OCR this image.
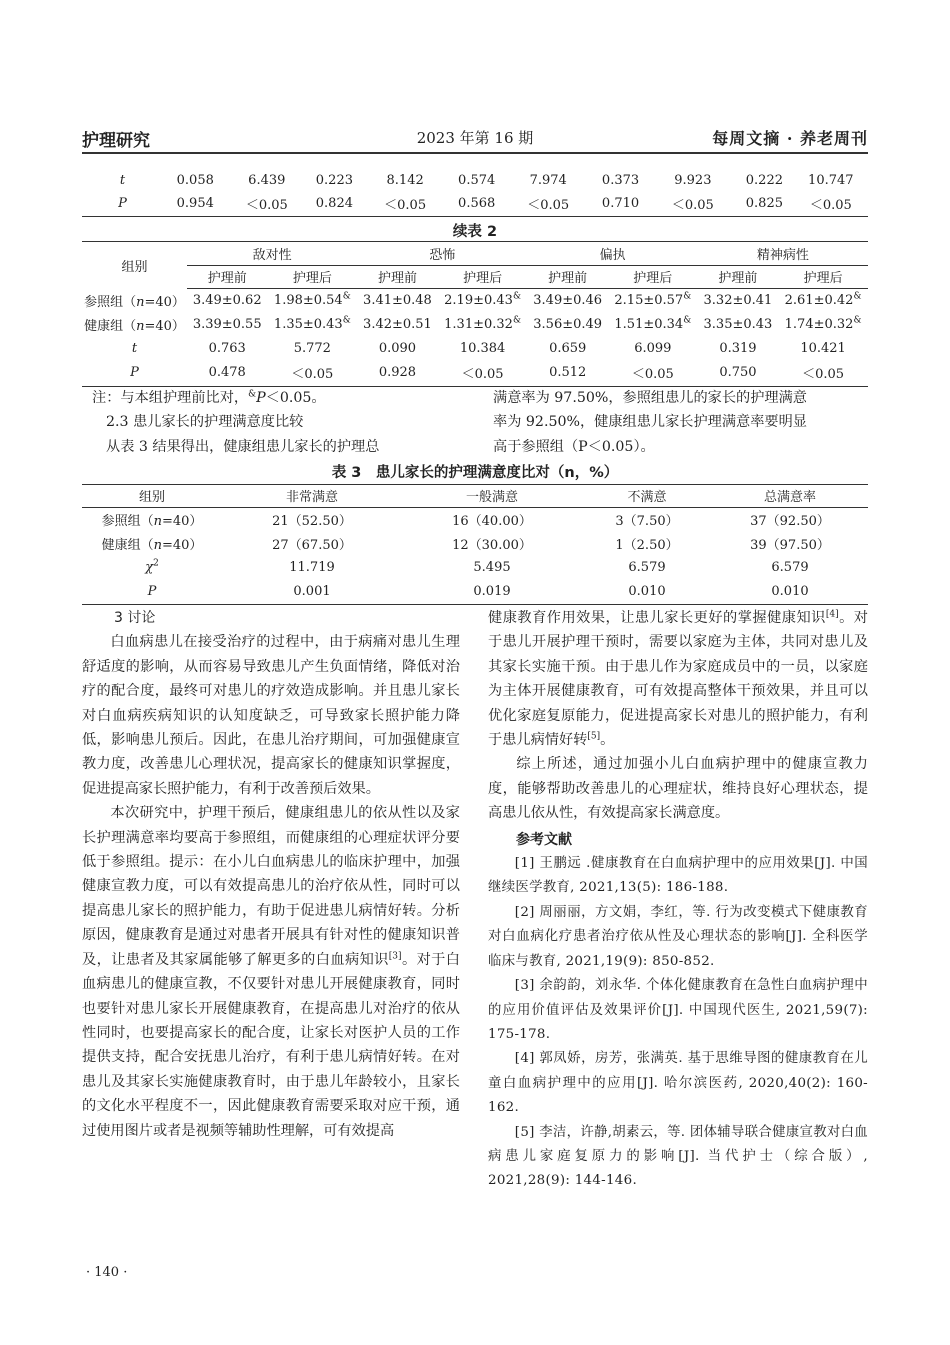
护理研究	2023 年第 16 期	每周文摘 · 养老周刊
t	0.058	6.439	0.223	8.142	0.574	7.974	0.373	9.923	0.222	10.747
P	0.954	＜0.05	0.824	＜0.05	0.568	＜0.05	0.710	＜0.05	0.825	＜0.05
续表 2
组别	敌对性		恐怖		偏执		精神病性	
	护理前	护理后	护理前	护理后	护理前	护理后	护理前	护理后
参照组（n=40）	3.49±0.62	1.98±0.54&	3.41±0.48	2.19±0.43&	3.49±0.46	2.15±0.57&	3.32±0.41	2.61±0.42&
健康组（n=40）	3.39±0.55	1.35±0.43&	3.42±0.51	1.31±0.32&	3.56±0.49	1.51±0.34&	3.35±0.43	1.74±0.32&
t	0.763	5.772	0.090	10.384	0.659	6.099	0.319	10.421
P	0.478	＜0.05	0.928	＜0.05	0.512	＜0.05	0.750	＜0.05

注：与本组护理前比对，&P＜0.05。

2.3 患儿家长的护理满意度比较

从表 3 结果得出，健康组患儿家长的护理总

满意率为 97.50%，参照组患儿的家长的护理满意

率为 92.50%，健康组患儿家长护理满意率要明显

高于参照组（P＜0.05）。

表 3　患儿家长的护理满意度比对（n，%）
组别	非常满意	一般满意	不满意	总满意率
参照组（n=40）	21（52.50）	16（40.00）	3（7.50）	37（92.50）
健康组（n=40）	27（67.50）	12（30.00）	1（2.50）	39（97.50）
$\chi^2$	11.719	5.495	6.579	6.579
P	0.001	0.019	0.010	0.010

3 讨论

白血病患儿在接受治疗的过程中，由于病痛对患儿生理舒适度的影响，从而容易导致患儿产生负面情绪，降低对治疗的配合度，最终可对患儿的疗效造成影响。并且患儿家长对白血病疾病知识的认知度缺乏，可导致家长照护能力降低，影响患儿预后。因此，在患儿治疗期间，可加强健康宣教力度，改善患儿心理状况，提高家长的健康知识掌握度，促进提高家长照护能力，有利于改善预后效果。

本次研究中，护理干预后，健康组患儿的依从性以及家长护理满意率均要高于参照组，而健康组的心理症状评分要低于参照组。提示：在小儿白血病患儿的临床护理中，加强健康宣教力度，可以有效提高患儿的治疗依从性，同时可以提高患儿家长的照护能力，有助于促进患儿病情好转。分析原因，健康教育是通过对患者开展具有针对性的健康知识普及，让患者及其家属能够了解更多的白血病知识[3]。对于白血病患儿的健康宣教，不仅要针对患儿开展健康教育，同时也要针对患儿家长开展健康教育，在提高患儿对治疗的依从性同时，也要提高家长的配合度，让家长对医护人员的工作提供支持，配合安抚患儿治疗，有利于患儿病情好转。在对患儿及其家长实施健康教育时，由于患儿年龄较小，且家长的文化水平程度不一，因此健康教育需要采取对应干预，通过使用图片或者是视频等辅助性理解，可有效提高

健康教育作用效果，让患儿家长更好的掌握健康知识[4]。对于患儿开展护理干预时，需要以家庭为主体，共同对患儿及其家长实施干预。由于患儿作为家庭成员中的一员，以家庭为主体开展健康教育，可有效提高整体干预效果，并且可以优化家庭复原能力，促进提高家长对患儿的照护能力，有利于患儿病情好转[5]。

综上所述，通过加强小儿白血病护理中的健康宣教力度，能够帮助改善患儿的心理症状，维持良好心理状态，提高患儿依从性，有效提高家长满意度。

参考文献

[1] 王鹏远 .健康教育在白血病护理中的应用效果[J]. 中国继续医学教育, 2021,13(5): 186-188.

[2] 周丽丽，方文娟，李红，等. 行为改变模式下健康教育对白血病化疗患者治疗依从性及心理状态的影响[J]. 全科医学临床与教育, 2021,19(9): 850-852.

[3] 余韵韵，刘永华. 个体化健康教育在急性白血病护理中的应用价值评估及效果评价[J]. 中国现代医生, 2021,59(7): 175-178.

[4] 郭凤娇，房芳，张满英. 基于思维导图的健康教育在儿童白血病护理中的应用[J]. 哈尔滨医药, 2020,40(2): 160-162.

[5] 李洁，许静,胡素云，等. 团体辅导联合健康宣教对白血病患儿家庭复原力的影响[J]. 当代护士（综合版）, 2021,28(9): 144-146.

· 140 ·
